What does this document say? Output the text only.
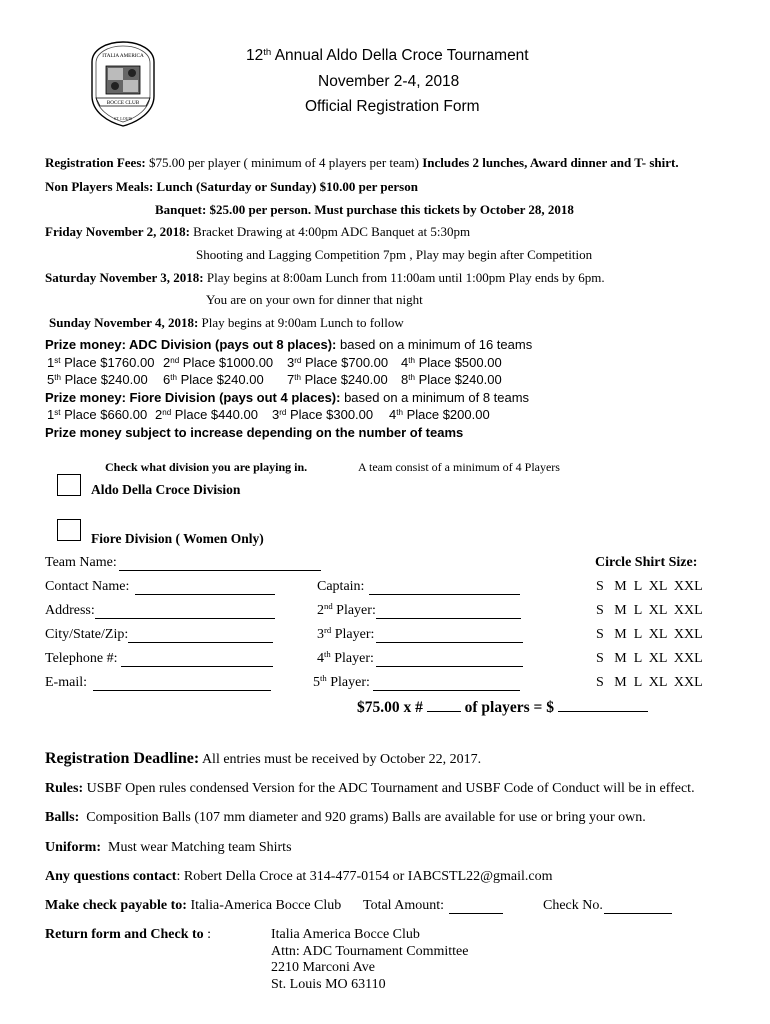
ITALIA AMERICA
BOCCE CLUB
ST. LOUIS
12th Annual Aldo Della Croce Tournament
November 2-4, 2018
Official Registration Form
Registration Fees: $75.00 per player ( minimum of 4 players per team) Includes 2 lunches, Award dinner and T- shirt.
Non Players Meals: Lunch (Saturday or Sunday) $10.00 per person
Banquet: $25.00 per person. Must purchase this tickets by October 28, 2018
Friday November 2, 2018: Bracket Drawing at 4:00pm ADC Banquet at 5:30pm
Shooting and Lagging Competition 7pm , Play may begin after Competition
Saturday November 3, 2018: Play begins at 8:00am Lunch from 11:00am until 1:00pm Play ends by 6pm.
You are on your own for dinner that night
Sunday November 4, 2018: Play begins at 9:00am Lunch to follow
Prize money: ADC Division (pays out 8 places): based on a minimum of 16 teams
1st Place $1760.00 2nd Place $1000.00 3rd Place $700.00 4th Place $500.00
5th Place $240.00 6th Place $240.00 7th Place $240.00 8th Place $240.00
Prize money: Fiore Division (pays out 4 places): based on a minimum of 8 teams
1st Place $660.00 2nd Place $440.00 3rd Place $300.00 4th Place $200.00
Prize money subject to increase depending on the number of teams
Check what division you are playing in.	A team consist of a minimum of 4 Players
Aldo Della Croce Division
Fiore Division ( Women Only)
Team Name:	Circle Shirt Size:
Contact Name:	Captain:	S   M  L  XL  XXL
Address:	2nd Player:	S   M  L  XL  XXL
City/State/Zip:	3rd Player:	S   M  L  XL  XXL
Telephone #:	4th Player:	S   M  L  XL  XXL
E-mail:	5th Player:	S   M  L  XL  XXL
$75.00 x #  of players = $
Registration Deadline: All entries must be received by October 22, 2017.
Rules: USBF Open rules condensed Version for the ADC Tournament and USBF Code of Conduct will be in effect.
Balls:  Composition Balls (107 mm diameter and 920 grams) Balls are available for use or bring your own.
Uniform:  Must wear Matching team Shirts
Any questions contact: Robert Della Croce at 314-477-0154 or IABCSTL22@gmail.com
Make check payable to: Italia-America Bocce Club Total Amount:	Check No.
Return form and Check to :	Italia America Bocce Club
Attn: ADC Tournament Committee
2210 Marconi Ave
St. Louis MO 63110
